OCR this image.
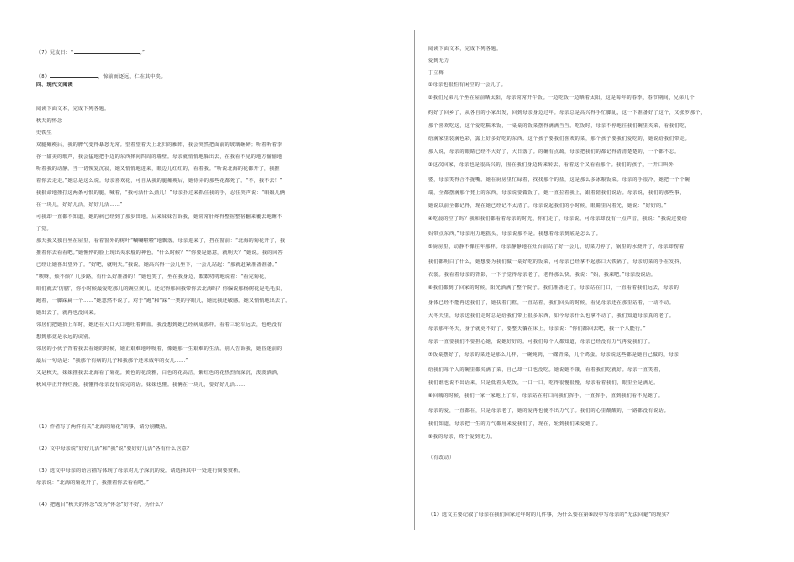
（7）兄友日：“	。”
（8）	，惊前而逐远，仁在其中矣。
四、现代文阅读
阅读下面文本，完成下列各题。
秋天的怀念
史铁生
双腿瘫痪后，我的脾气变得暴怒无常。望着望着天上北归的雁阵，我会突然把面前的玻璃砸碎；听着听着李
谷一甜美的歌声，我会猛地把手边的东西摔向四周的墙壁。母亲就悄悄地躲出去，在我看不见的地方偷偷地
听着我的动静。当一切恢复沉寂，她又悄悄地进来，眼边儿红红的，看着我。“听说北海的花都开了，我推
着你去走走。”她总是这么说。母亲喜欢花，可自从我的腿瘫痪后，她侍弄的那些花都死了。“不，我不去！”
我狠命地捶打这两条可恨的腿，喊着，“我可活什么劲儿！”母亲扑过来抓住我的手，忍住哭声说：“咱娘儿俩
在一块儿，好好儿活，好好儿活……”
可我却一直都不知道，她的病已经到了那步田地。后来妹妹告诉我，她常常肝疼得整宿整宿翻来覆去地睡不
了觉。
那天我又独自坐在屋里，看着窗外的树叶“唰唰啦啦”地飘落。母亲进来了，挡在窗前：“北海的菊花开了，我
推着你去看看吧。”她憔悴的脸上现出央求般的神色。“什么时候？”“你要是愿意，就明天？”她说。我的回答
已经让她喜出望外了。“好吧，就明天。”我说。她高兴得一会儿坐下，一会儿站起：“那就赶紧准备准备。”
“唉呀，烦不烦？几步路，有什么好准备的！”她也笑了，坐在我身边，絮絮叨叨地说着：“看完菊花，
咱们就去‘仿膳’，你小时候最爱吃那儿的豌豆黄儿。还记得那回我带你去北海吗？你偏说那杨树花是毛毛虫，
跑着，一脚踩扁一个……”她忽然不说了。对于“跑”和“踩”一类的字眼儿，她比我还敏感。她又悄悄地出去了。
她出去了，就再也没回来。
邻居们把她抬上车时，她还在大口大口地吐着鲜血。我没想到她已经病成那样。看着三轮车远去，也绝没有
想到那竟是永远的诀别。
邻居的小伙子背着我去看她的时候，她正艰难地呼吸着，像她那一生艰难的生活。别人告诉我，她昏迷前的
最后一句话是：“我那个有病的儿子和我那个还未成年的女儿……”
又是秋天，妹妹推我去北海看了菊花。黄色的花淡雅，白色的花高洁，紫红色的花热烈而深沉，泼泼洒洒，
秋风中正开得烂漫。我懂得母亲没有说完的话。妹妹也懂。我俩在一块儿，要好好儿活……
（1）作者写了两件有关“北海的菊花”的事，请分别概括。
（2）文中母亲说“好好儿活”和“我”说“要好好儿活”各有什么含意？
（3）选文中母亲的语言描写体现了母亲对儿子深沉的爱。请选择其中一处进行简要赏析。
母亲说：“北海的菊花开了，我推着你去看看吧。”
（4）把题目“秋天的怀念”改为“怀念”好不好，为什么？
阅读下面文本，完成下列各题。
爱到无力
丁立梅
①母亲也很怕有闲空的一会儿了。
②我们兄弟几个坐在屋前晒太阳，母亲常常开午饭。一边吃饭一边晒着太阳，这是每年的春季，春节期间，兄弟几个
约好了回乡了，从各自的小家出发，回到母亲身边过年。母亲总是高兴得手忙脚乱，这一下准备好了这个，又张罗那个，
那个喜欢吃这，这个爱吃糯米饭，一桌桌的饭菜摆得满满当当。吃饭时，母亲不停地往我们碗里夹菜，看我们吃，
给满家里装满色彩，露上好多好吃的东西。这个孩子要我们喜欢的菜，那个孩子要我们爱吃的，她说给我们带走。
那人说，母亲的眼睛已经不大好了，大日落了。的确有点疏，母亲把我们的都记得清清楚楚的，一个都不忘。
③这次回家，母亲也是很高兴的，围在我们身边转来转去，看着这个又看看那个。我们的孩子，一开口叫外
婆，母亲笑得合不拢嘴。她在厨房里忙碌着，找找那个的盐，这是那么多冰粮饭菜。母亲的手很冷，她把一个个碗
端，全都摆满那个凳上的东西，母亲说要做饭了，她一直拉着我上，跟着陪我们说话。母亲说，我们的那些事，
她说以前全都记得，现在她已经记不太清了。母亲说起我们的小时候，眼睛里闪着光，她说：“好好的。”
④吃晨的空了吗？我和我们都看着母亲的时光，你们走了，母亲说。可母亲却没有一点声音，我说：“我说过要给
妈带点东西，”母亲用力地摇头，母亲说那不是。我想着母亲到底是怎么了。
⑤厨房里，动静不像往年那样。母亲静静地在灶台前站了好一会儿，切菜刀停了，锅里的水烧开了，母亲却愣着
我们都明白了什么，她想要为我们做一桌好吃的饭菜，可母亲已经拿不起那口大铁锅了，母亲切菜的手在发抖，
衣裳。我看着母亲的背影，一下子觉得母亲老了，老得那么快。我说：“妈，我来吧。”母亲没说话。
⑥我们都到了回家的时候，阳光洒满了整个院子。我们准备走了，母亲站在门口，一直看着我们远去，母亲的
身体已经不能再送我们了，她扶着门框，一直站着，我们回头的时候，看见母亲还在那里站着，一动不动。
大冬天里，母亲送我们走时总是给我们带上很多东西，如今母亲什么也拿不动了，我们知道母亲真的老了。
母亲那年冬天，身子就更不好了，要整天躺在床上，母亲说：“你们都回去吧，我一个人能行。”
母亲一直要我们不要担心她，说她好好的。可我们每个人都知道，母亲已经没有力气再爱我们了。
⑦饭桌摆好了，母亲的菜还是那么几样，一碗炖肉，一碟青菜，几个鸡蛋。母亲说这些都是她自己做的，母亲
给我们每个人的碗里都夹满了菜，自己却一口也没吃。她说她不饿，看着我们吃就好。母亲一直笑着，
我们谁也说不出话来，只是低着头吃饭，一口一口，吃得很慢很慢，母亲看着我们，眼里全是满足。
⑧回城的时候，我们一家一家地上了车，母亲站在村口向我们挥手，一直挥手，直到我们看不见她了。
母亲的爱，一直都在，只是母亲老了，她的爱再也使不出力气了。我们的心里酸酸的，一路都没有说话。
我们知道，母亲把一生的力气都用来爱我们了，现在，轮到我们来爱她了。
⑨我的母亲，终于爱到无力。
（有改动）
（1）选文主要记叙了母亲在我们回家过年时的几件事，为什么要在第⑥段中写母亲的“无法回避”的现实？
